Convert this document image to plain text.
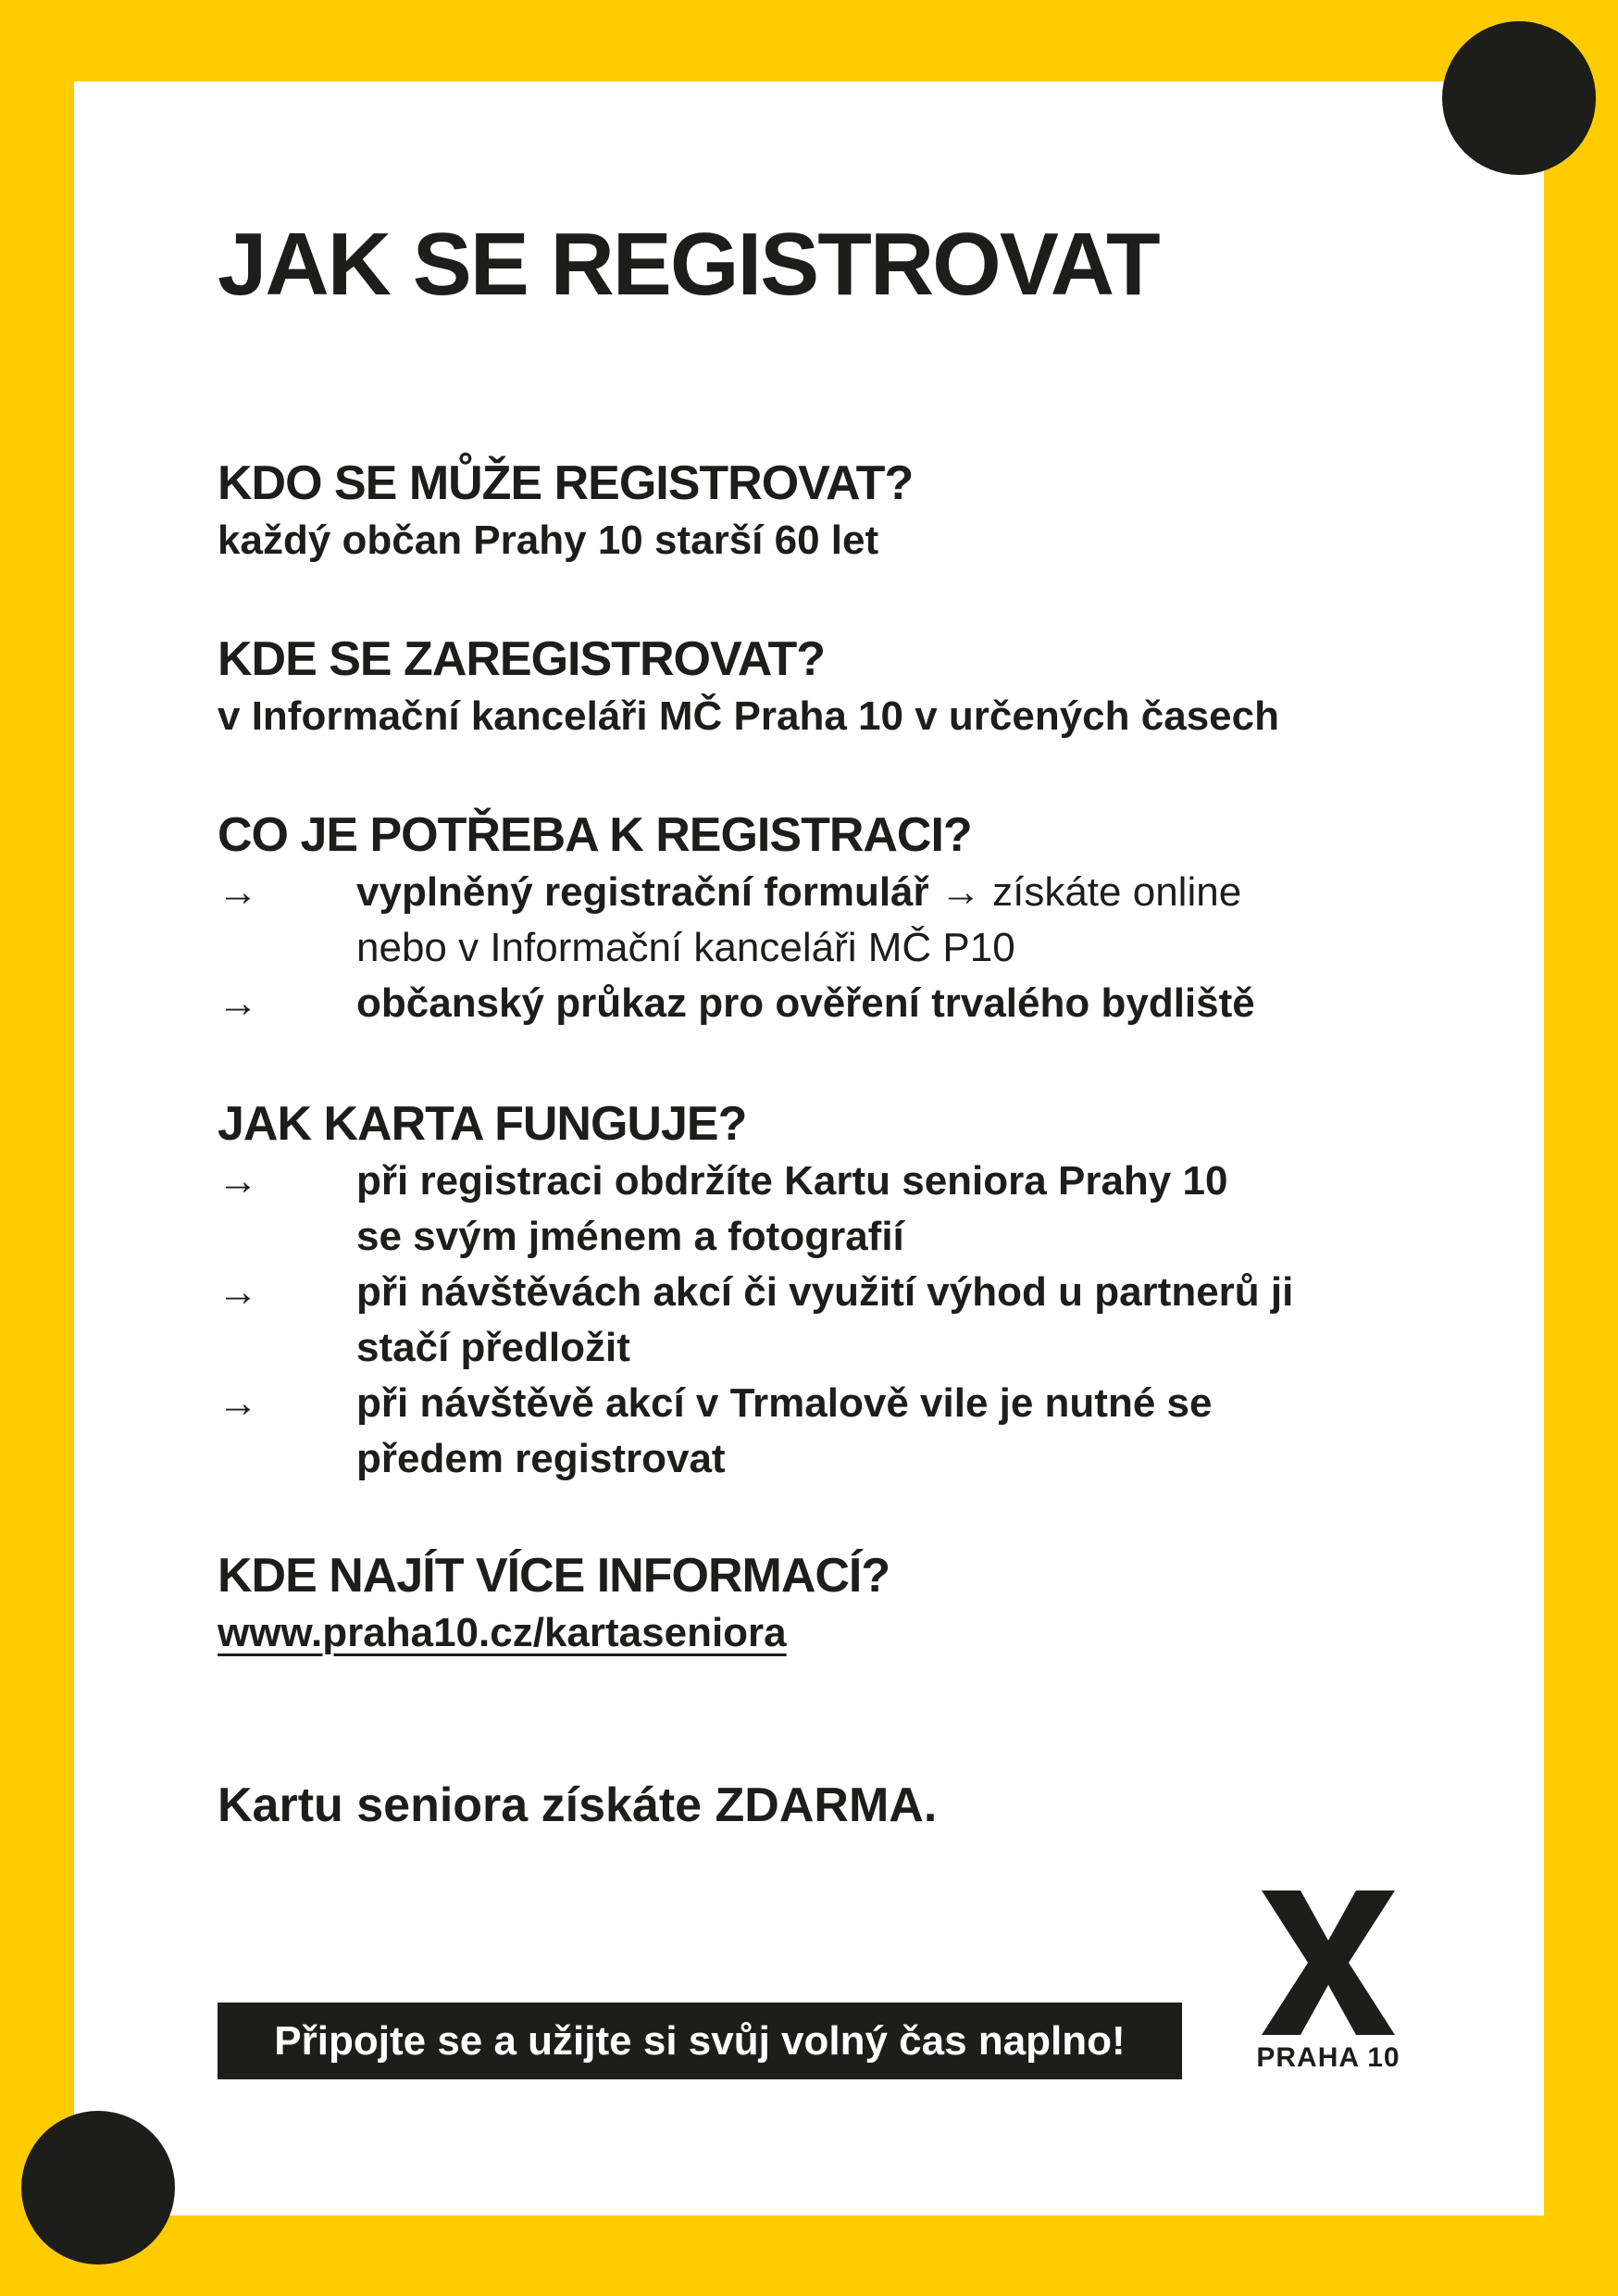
JAK SE REGISTROVAT
KDO SE MŮŽE REGISTROVAT?

každý občan Prahy 10 starší 60 let

KDE SE ZAREGISTROVAT?

v Informační kanceláři MČ Praha 10 v určených časech

CO JE POTŘEBA K REGISTRACI?
→ vyplněný registrační formulář → získáte online
nebo v Informační kanceláři MČ P10
→ občanský průkaz pro ověření trvalého bydliště
JAK KARTA FUNGUJE?
→ při registraci obdržíte Kartu seniora Prahy 10
se svým jménem a fotografií
→ při návštěvách akcí či využití výhod u partnerů ji
stačí předložit
→ při návštěvě akcí v Trmalově vile je nutné se
předem registrovat
KDE NAJÍT VÍCE INFORMACÍ?

www.praha10.cz/kartaseniora

Kartu seniora získáte ZDARMA.

Připojte se a užijte si svůj volný čas naplno!	PRAHA 10
